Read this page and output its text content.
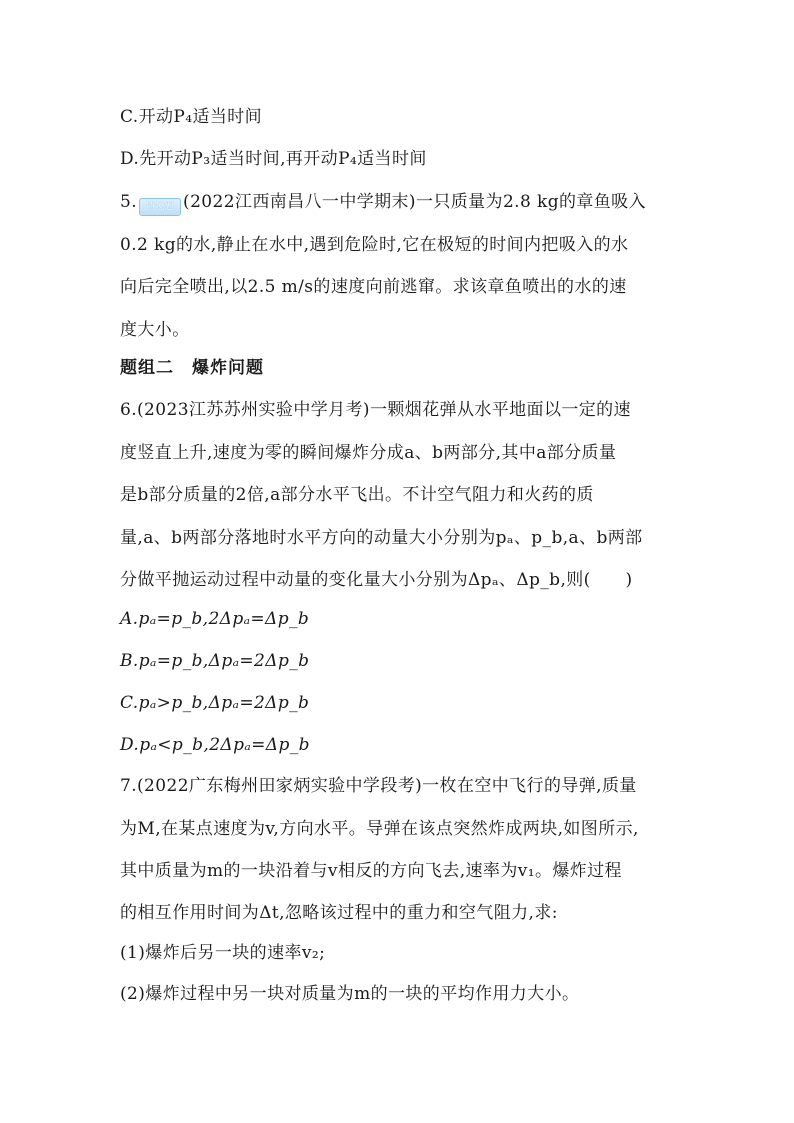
C.开动P₄适当时间
D.先开动P₃适当时间,再开动P₄适当时间
5. 情境题 (2022江西南昌八一中学期末)一只质量为2.8 kg的章鱼吸入
0.2 kg的水,静止在水中,遇到危险时,它在极短的时间内把吸入的水
向后完全喷出,以2.5 m/s的速度向前逃窜。求该章鱼喷出的水的速
度大小。
题组二　爆炸问题
6.(2023江苏苏州实验中学月考)一颗烟花弹从水平地面以一定的速
度竖直上升,速度为零的瞬间爆炸分成a、b两部分,其中a部分质量
是b部分质量的2倍,a部分水平飞出。不计空气阻力和火药的质
量,a、b两部分落地时水平方向的动量大小分别为pₐ、p_b,a、b两部
分做平抛运动过程中动量的变化量大小分别为Δpₐ、Δp_b,则(　　)
A.pₐ=p_b,2Δpₐ=Δp_b
B.pₐ=p_b,Δpₐ=2Δp_b
C.pₐ>p_b,Δpₐ=2Δp_b
D.pₐ<p_b,2Δpₐ=Δp_b
7.(2022广东梅州田家炳实验中学段考)一枚在空中飞行的导弹,质量
为M,在某点速度为v,方向水平。导弹在该点突然炸成两块,如图所示,
其中质量为m的一块沿着与v相反的方向飞去,速率为v₁。爆炸过程
的相互作用时间为Δt,忽略该过程中的重力和空气阻力,求:
(1)爆炸后另一块的速率v₂;
(2)爆炸过程中另一块对质量为m的一块的平均作用力大小。
